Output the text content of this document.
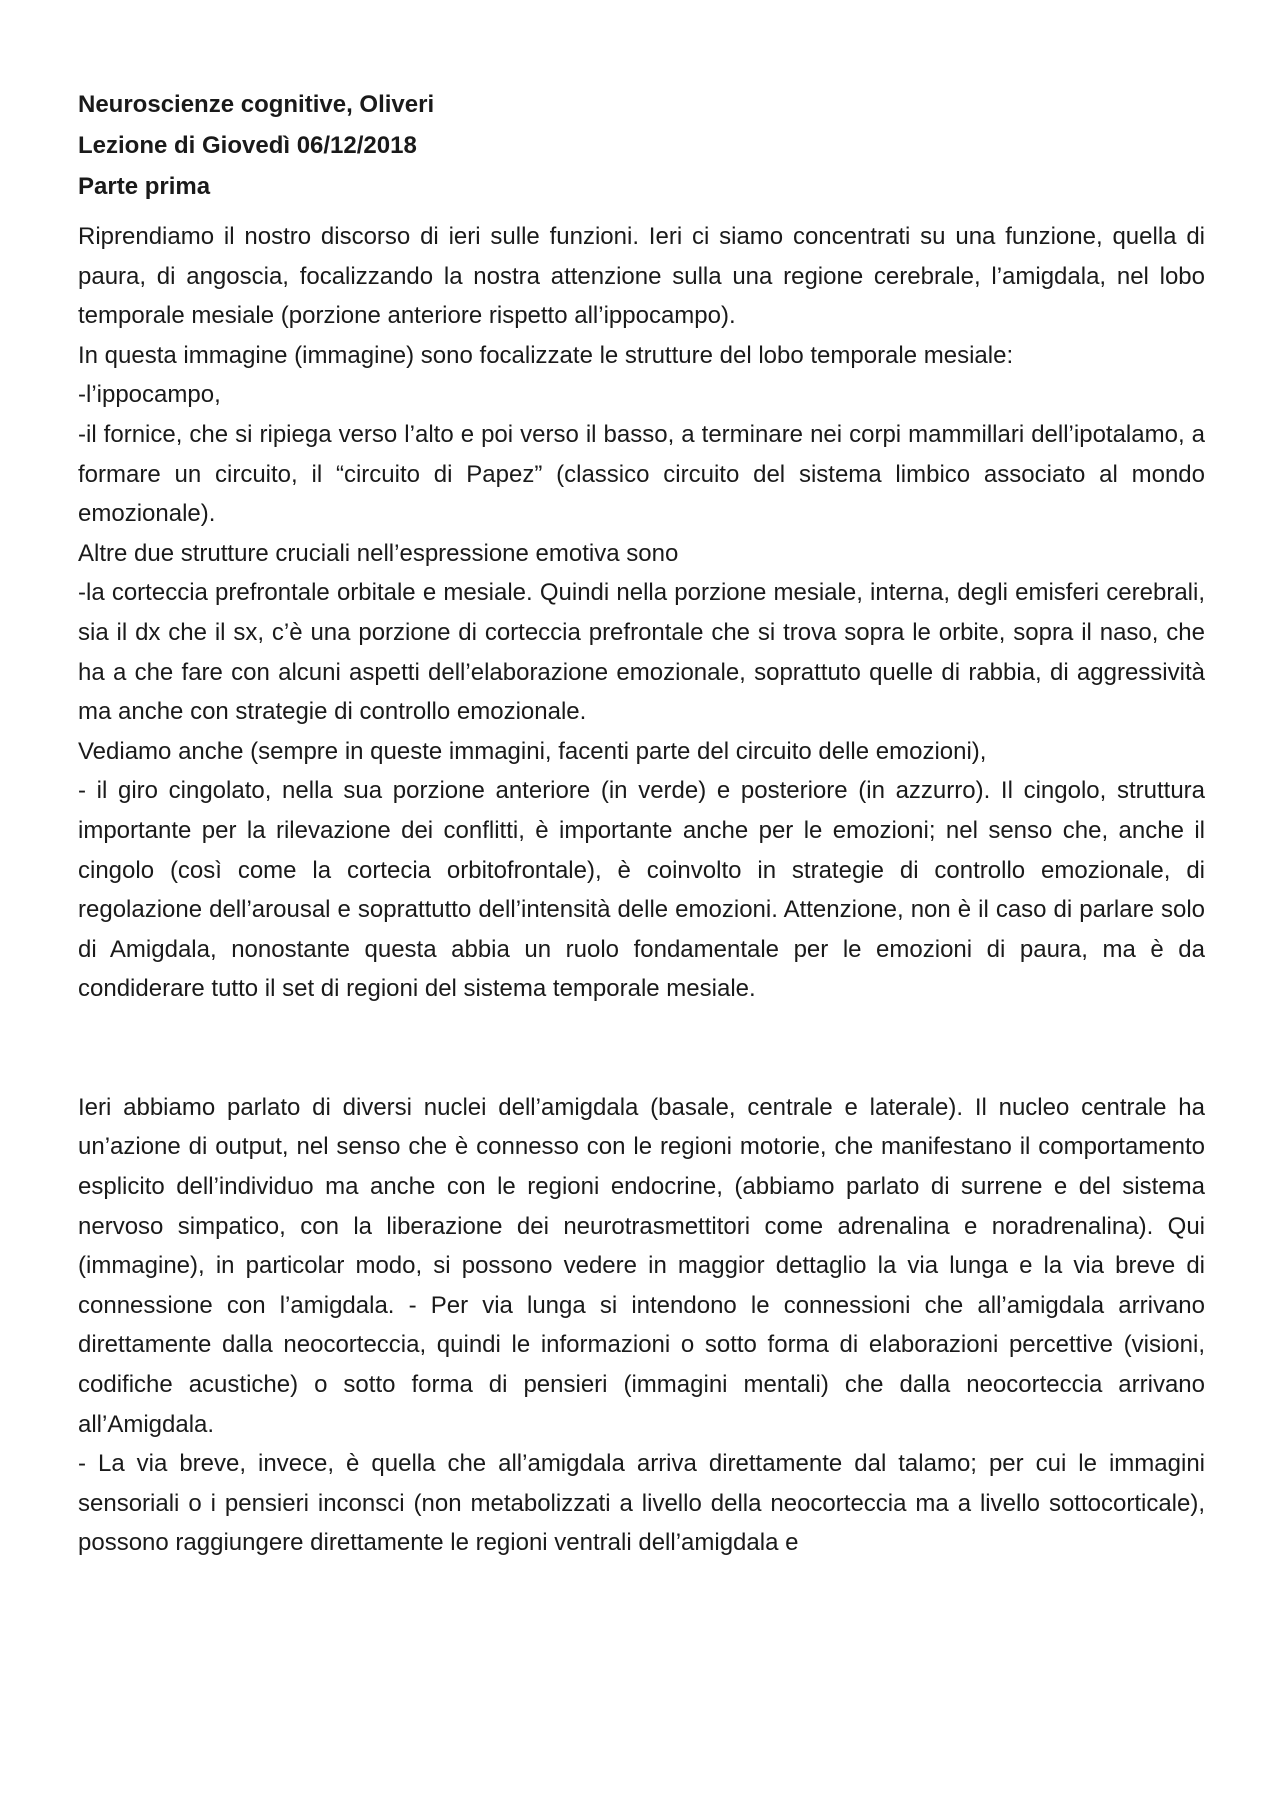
Neuroscienze cognitive, Oliveri

Lezione di Giovedì 06/12/2018

Parte prima

Riprendiamo il nostro discorso di ieri sulle funzioni. Ieri ci siamo concentrati su una funzione, quella di paura, di angoscia, focalizzando la nostra attenzione sulla una regione cerebrale, l’amigdala, nel lobo temporale mesiale (porzione anteriore rispetto all’ippocampo).

In questa immagine (immagine) sono focalizzate le strutture del lobo temporale mesiale:

-l’ippocampo,

-il fornice, che si ripiega verso l’alto e poi verso il basso, a terminare nei corpi mammillari dell’ipotalamo, a formare un circuito, il “circuito di Papez” (classico circuito del sistema limbico associato al mondo emozionale).

Altre due strutture cruciali nell’espressione emotiva sono

-la corteccia prefrontale orbitale e mesiale. Quindi nella porzione mesiale, interna, degli emisferi cerebrali, sia il dx che il sx, c’è una porzione di corteccia prefrontale che si trova sopra le orbite, sopra il naso, che ha a che fare con alcuni aspetti dell’elaborazione emozionale, soprattuto quelle di rabbia, di aggressività ma anche con strategie di controllo emozionale.

Vediamo anche (sempre in queste immagini, facenti parte del circuito delle emozioni),

- il giro cingolato, nella sua porzione anteriore (in verde) e posteriore (in azzurro). Il cingolo, struttura importante per la rilevazione dei conflitti, è importante anche per le emozioni; nel senso che, anche il cingolo (così come la cortecia orbitofrontale), è coinvolto in strategie di controllo emozionale, di regolazione dell’arousal e soprattutto dell’intensità delle emozioni. Attenzione, non è il caso di parlare solo di Amigdala, nonostante questa abbia un ruolo fondamentale per le emozioni di paura, ma è da condiderare tutto il set di regioni del sistema temporale mesiale.

Ieri abbiamo parlato di diversi nuclei dell’amigdala (basale, centrale e laterale). Il nucleo centrale ha un’azione di output, nel senso che è connesso con le regioni motorie, che manifestano il comportamento esplicito dell’individuo ma anche con le regioni endocrine, (abbiamo parlato di surrene e del sistema nervoso simpatico, con la liberazione dei neurotrasmettitori come adrenalina e noradrenalina). Qui (immagine), in particolar modo, si possono vedere in maggior dettaglio la via lunga e la via breve di connessione con l’amigdala. - Per via lunga si intendono le connessioni che all’amigdala arrivano direttamente dalla neocorteccia, quindi le informazioni o sotto forma di elaborazioni percettive (visioni, codifiche acustiche) o sotto forma di pensieri (immagini mentali) che dalla neocorteccia arrivano all’Amigdala.

- La via breve, invece, è quella che all’amigdala arriva direttamente dal talamo; per cui le immagini sensoriali o i pensieri inconsci (non metabolizzati a livello della neocorteccia ma a livello sottocorticale), possono raggiungere direttamente le regioni ventrali dell’amigdala e
